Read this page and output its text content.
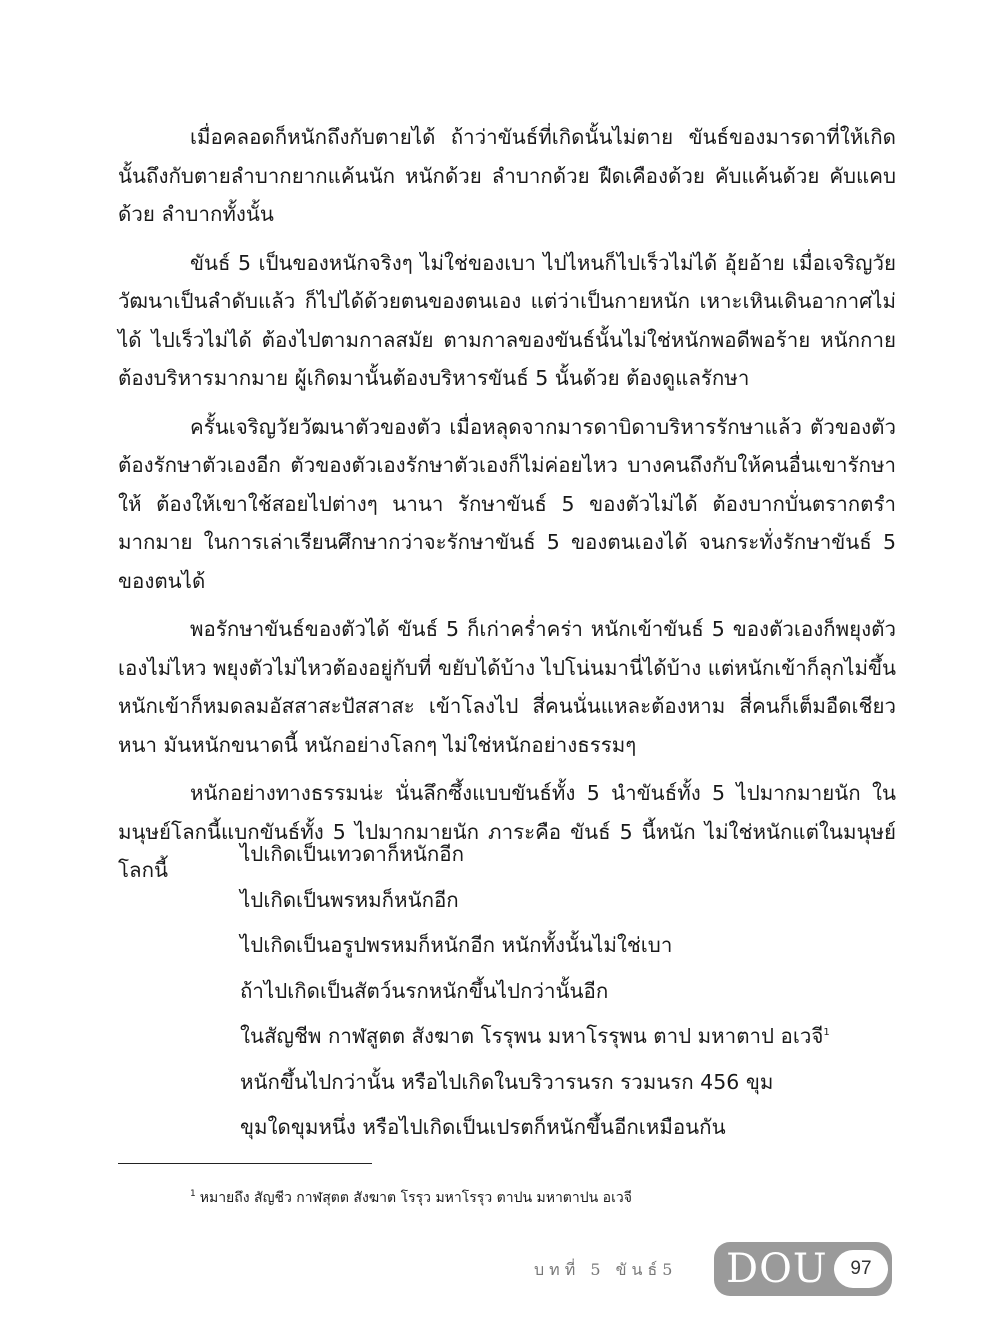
เมื่อคลอดก็หนักถึงกับตายได้ ถ้าว่าขันธ์ที่เกิดนั้นไม่ตาย ขันธ์ของมารดาที่ให้เกิดนั้นถึงกับตายลำบากยากแค้นนัก หนักด้วย ลำบากด้วย ฝืดเคืองด้วย คับแค้นด้วย คับแคบด้วย ลำบากทั้งนั้น

ขันธ์ 5 เป็นของหนักจริงๆ ไม่ใช่ของเบา ไปไหนก็ไปเร็วไม่ได้ อุ้ยอ้าย เมื่อเจริญวัยวัฒนาเป็นลำดับแล้ว ก็ไปได้ด้วยตนของตนเอง แต่ว่าเป็นกายหนัก เหาะเหินเดินอากาศไม่ได้ ไปเร็วไม่ได้ ต้องไปตามกาลสมัย ตามกาลของขันธ์นั้นไม่ใช่หนักพอดีพอร้าย หนักกายต้องบริหารมากมาย ผู้เกิดมานั้นต้องบริหารขันธ์ 5 นั้นด้วย ต้องดูแลรักษา

ครั้นเจริญวัยวัฒนาตัวของตัว เมื่อหลุดจากมารดาบิดาบริหารรักษาแล้ว ตัวของตัวต้องรักษาตัวเองอีก ตัวของตัวเองรักษาตัวเองก็ไม่ค่อยไหว บางคนถึงกับให้คนอื่นเขารักษาให้ ต้องให้เขาใช้สอยไปต่างๆ นานา รักษาขันธ์ 5 ของตัวไม่ได้ ต้องบากบั่นตรากตรำมากมาย ในการเล่าเรียนศึกษากว่าจะรักษาขันธ์ 5 ของตนเองได้ จนกระทั่งรักษาขันธ์ 5 ของตนได้

พอรักษาขันธ์ของตัวได้ ขันธ์ 5 ก็เก่าคร่ำคร่า หนักเข้าขันธ์ 5 ของตัวเองก็พยุงตัวเองไม่ไหว พยุงตัวไม่ไหวต้องอยู่กับที่ ขยับได้บ้าง ไปโน่นมานี่ได้บ้าง แต่หนักเข้าก็ลุกไม่ขึ้น หนักเข้าก็หมดลมอัสสาสะปัสสาสะ เข้าโลงไป สี่คนนั่นแหละต้องหาม สี่คนก็เต็มอืดเชียวหนา มันหนักขนาดนี้ หนักอย่างโลกๆ ไม่ใช่หนักอย่างธรรมๆ

หนักอย่างทางธรรมน่ะ นั่นลึกซึ้งแบบขันธ์ทั้ง 5 นำขันธ์ทั้ง 5 ไปมากมายนัก ในมนุษย์โลกนี้แบกขันธ์ทั้ง 5 ไปมากมายนัก ภาระคือ ขันธ์ 5 นี้หนัก ไม่ใช่หนักแต่ในมนุษย์โลกนี้

ไปเกิดเป็นเทวดาก็หนักอีก
ไปเกิดเป็นพรหมก็หนักอีก
ไปเกิดเป็นอรูปพรหมก็หนักอีก หนักทั้งนั้นไม่ใช่เบา
ถ้าไปเกิดเป็นสัตว์นรกหนักขึ้นไปกว่านั้นอีก
ในสัญชีพ กาฬสูตต สังฆาต โรรุพน มหาโรรุพน ตาป มหาตาป อเวจี$^1$
หนักขึ้นไปกว่านั้น หรือไปเกิดในบริวารนรก รวมนรก 456 ขุม
ขุมใดขุมหนึ่ง หรือไปเกิดเป็นเปรตก็หนักขึ้นอีกเหมือนกัน
$^1$ หมายถึง สัญชีว กาฬสุตต สังฆาต โรรุว มหาโรรุว ตาปน มหาตาปน อเวจี
บทที่ 5 ขันธ์5 DOU	97
